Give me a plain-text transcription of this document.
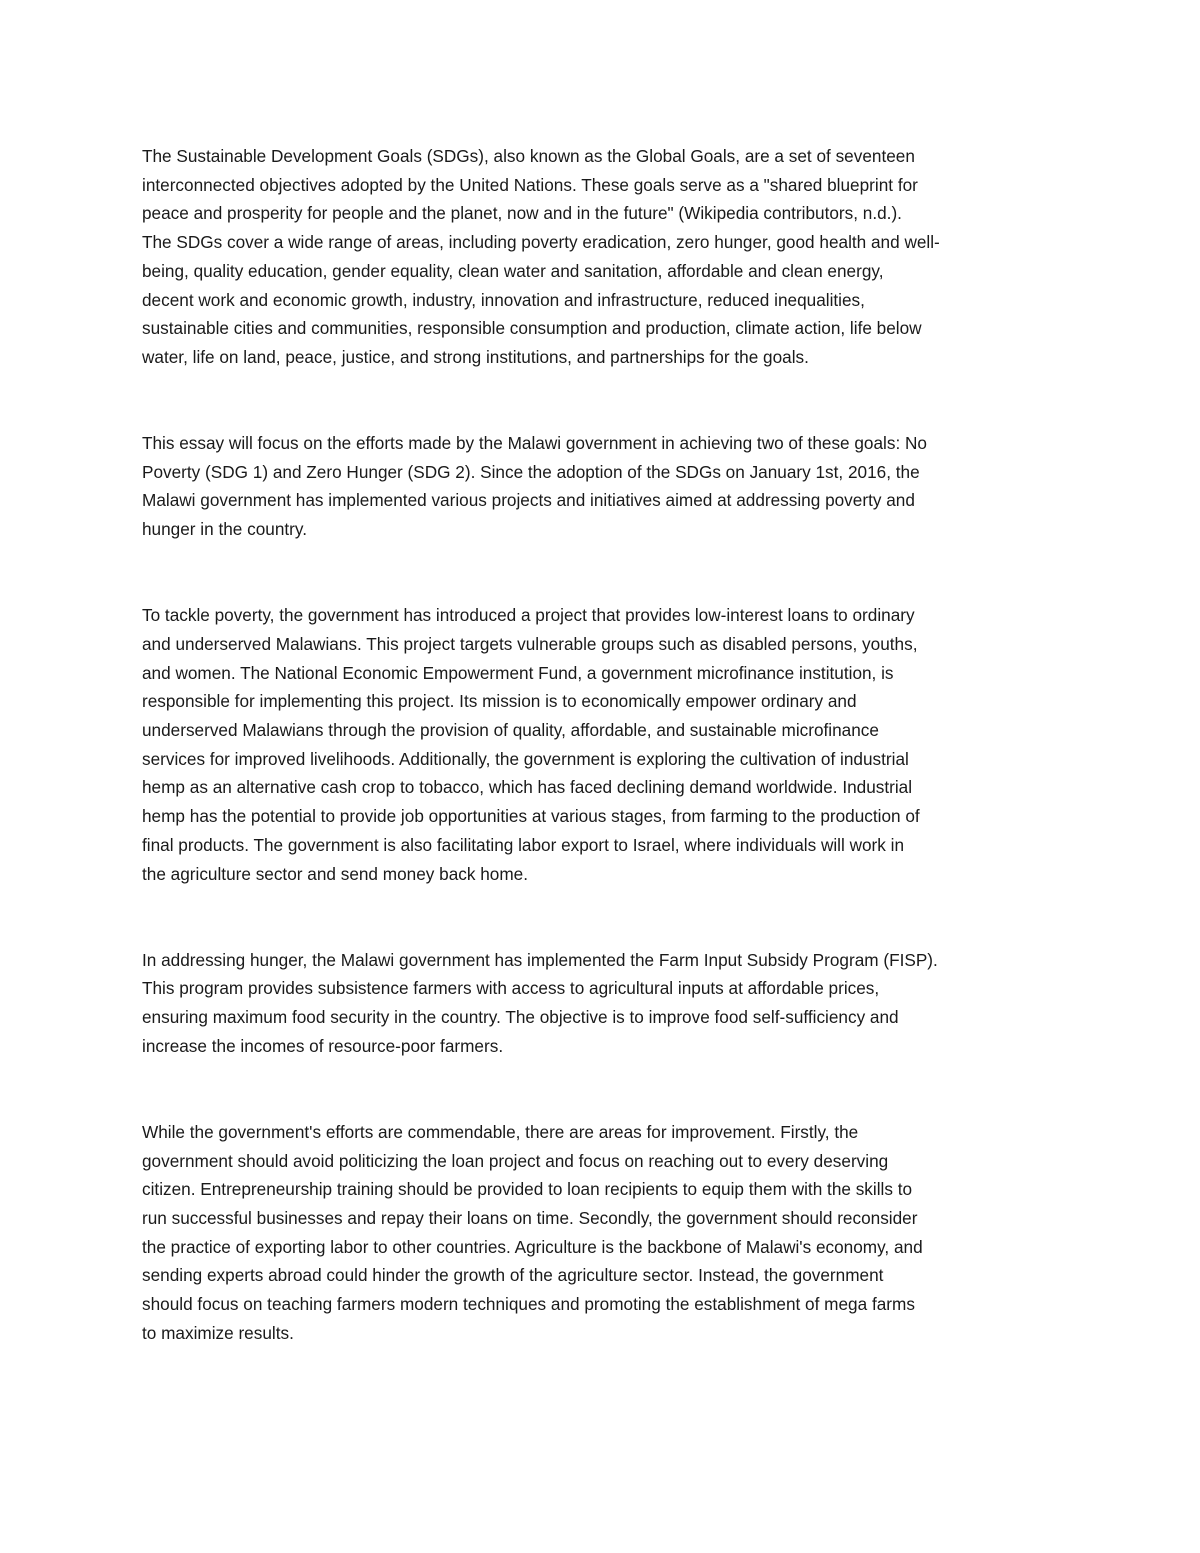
The Sustainable Development Goals (SDGs), also known as the Global Goals, are a set of seventeen
interconnected objectives adopted by the United Nations. These goals serve as a "shared blueprint for
peace and prosperity for people and the planet, now and in the future" (Wikipedia contributors, n.d.).
The SDGs cover a wide range of areas, including poverty eradication, zero hunger, good health and well-
being, quality education, gender equality, clean water and sanitation, affordable and clean energy,
decent work and economic growth, industry, innovation and infrastructure, reduced inequalities,
sustainable cities and communities, responsible consumption and production, climate action, life below
water, life on land, peace, justice, and strong institutions, and partnerships for the goals.

This essay will focus on the efforts made by the Malawi government in achieving two of these goals: No
Poverty (SDG 1) and Zero Hunger (SDG 2). Since the adoption of the SDGs on January 1st, 2016, the
Malawi government has implemented various projects and initiatives aimed at addressing poverty and
hunger in the country.

To tackle poverty, the government has introduced a project that provides low-interest loans to ordinary
and underserved Malawians. This project targets vulnerable groups such as disabled persons, youths,
and women. The National Economic Empowerment Fund, a government microfinance institution, is
responsible for implementing this project. Its mission is to economically empower ordinary and
underserved Malawians through the provision of quality, affordable, and sustainable microfinance
services for improved livelihoods. Additionally, the government is exploring the cultivation of industrial
hemp as an alternative cash crop to tobacco, which has faced declining demand worldwide. Industrial
hemp has the potential to provide job opportunities at various stages, from farming to the production of
final products. The government is also facilitating labor export to Israel, where individuals will work in
the agriculture sector and send money back home.

In addressing hunger, the Malawi government has implemented the Farm Input Subsidy Program (FISP).
This program provides subsistence farmers with access to agricultural inputs at affordable prices,
ensuring maximum food security in the country. The objective is to improve food self-sufficiency and
increase the incomes of resource-poor farmers.

While the government's efforts are commendable, there are areas for improvement. Firstly, the
government should avoid politicizing the loan project and focus on reaching out to every deserving
citizen. Entrepreneurship training should be provided to loan recipients to equip them with the skills to
run successful businesses and repay their loans on time. Secondly, the government should reconsider
the practice of exporting labor to other countries. Agriculture is the backbone of Malawi's economy, and
sending experts abroad could hinder the growth of the agriculture sector. Instead, the government
should focus on teaching farmers modern techniques and promoting the establishment of mega farms
to maximize results.
